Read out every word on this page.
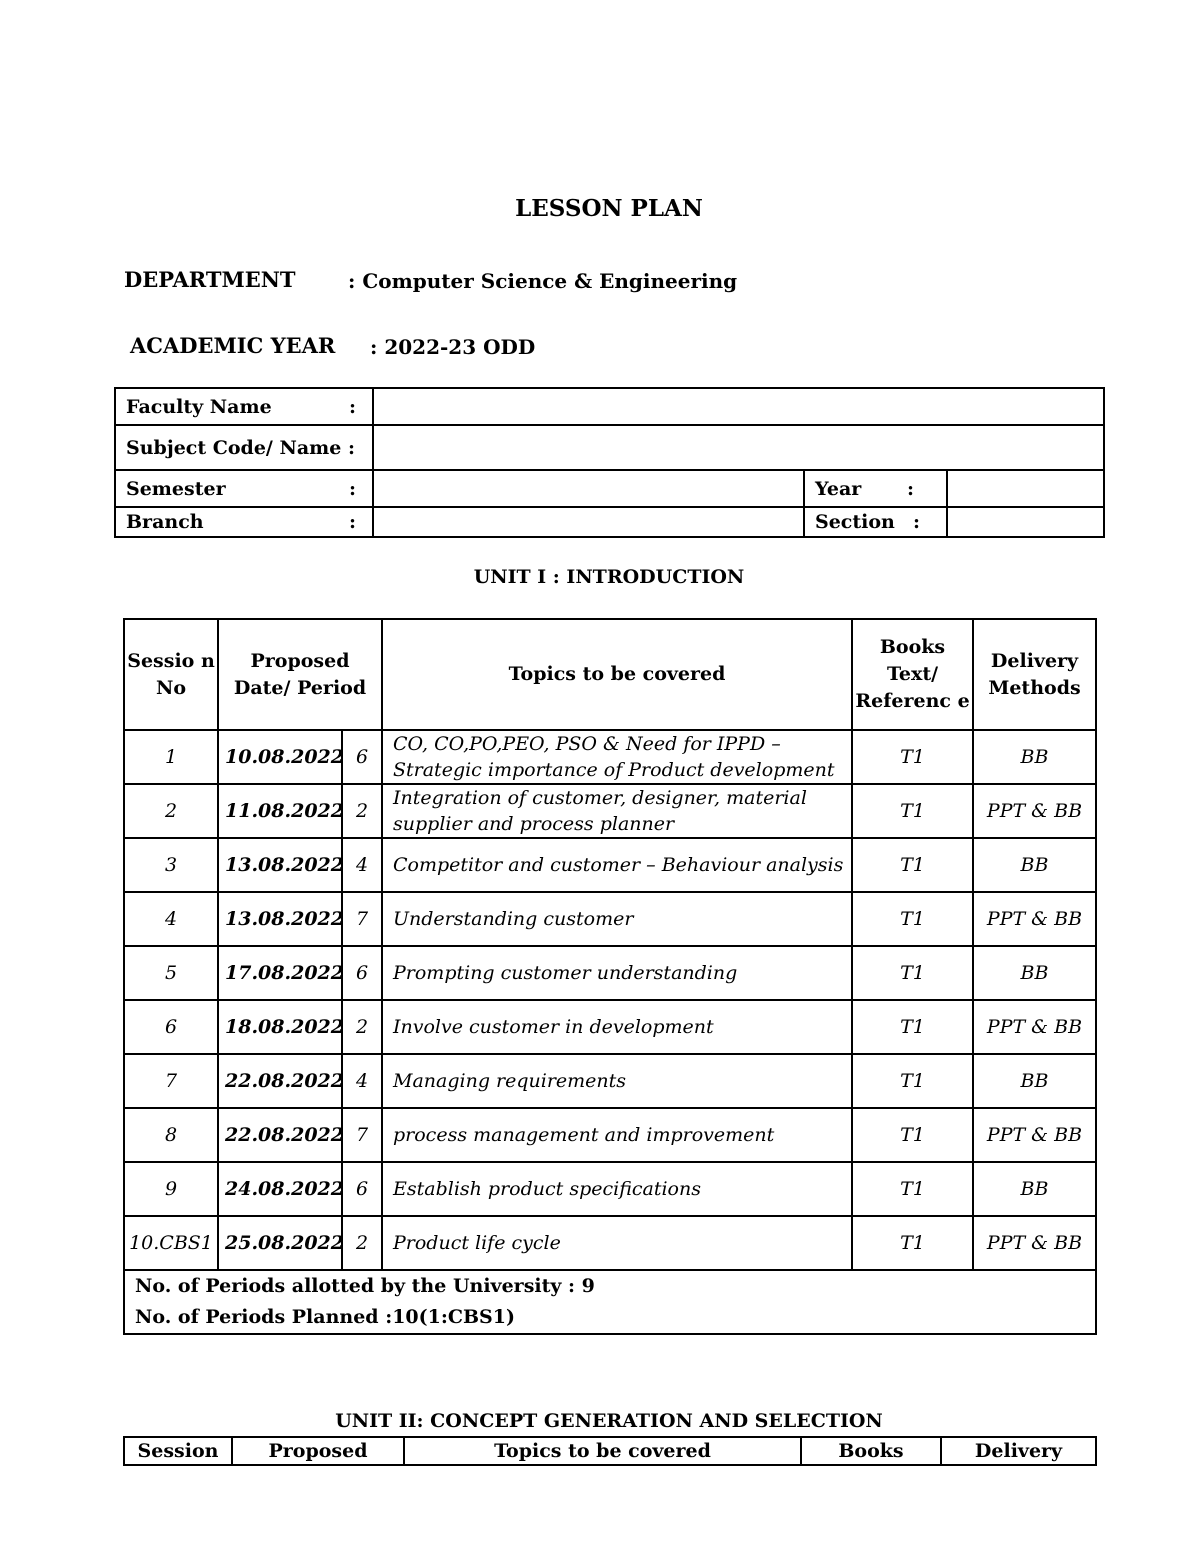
LESSON PLAN
DEPARTMENT	: Computer Science & Engineering
ACADEMIC YEAR : 2022-23 ODD
Faculty Name :			

Subject Code/ Name :			
Semester :		Year :	

Branch :		Section :	

UNIT I : INTRODUCTION
Sessio n No	Proposed Date/ Period		Topics to be covered	Books Text/ Referenc e	Delivery Methods
1	10.08.2022	6	CO, CO,PO,PEO, PSO & Need for IPPD – Strategic importance of Product development	T1	BB
2	11.08.2022	2	Integration of customer, designer, material supplier and process planner	T1	PPT & BB
3	13.08.2022	4	Competitor and customer – Behaviour analysis	T1	BB
4	13.08.2022	7	Understanding customer	T1	PPT & BB
5	17.08.2022	6	Prompting customer understanding	T1	BB
6	18.08.2022	2	Involve customer in development	T1	PPT & BB
7	22.08.2022	4	Managing requirements	T1	BB
8	22.08.2022	7	process management and improvement	T1	PPT & BB
9	24.08.2022	6	Establish product specifications	T1	BB
10.CBS1	25.08.2022	2	Product life cycle	T1	PPT & BB

No. of Periods allotted by the University : 9
No. of Periods Planned :10(1:CBS1)					
UNIT II: CONCEPT GENERATION AND SELECTION
Session	Proposed	Topics to be covered	Books	Delivery
